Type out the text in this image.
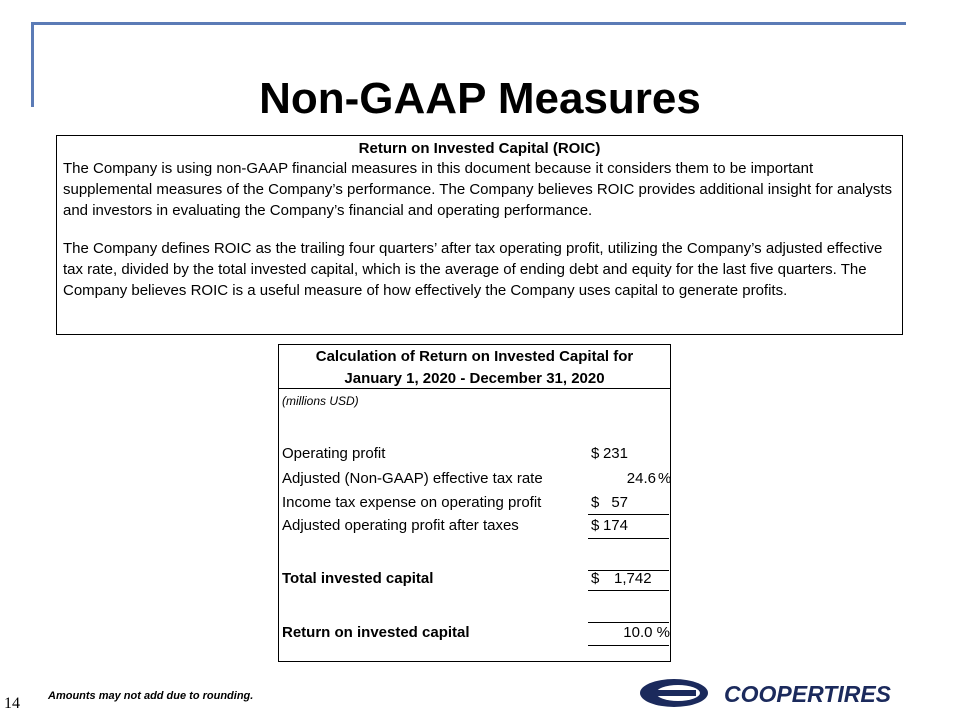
Non-GAAP Measures
Return on Invested Capital (ROIC)

The Company is using non-GAAP financial measures in this document because it considers them to be important supplemental measures of the Company’s performance. The Company believes ROIC provides additional insight for analysts and investors in evaluating the Company’s financial and operating performance.

The Company defines ROIC as the trailing four quarters’ after tax operating profit, utilizing the Company’s adjusted effective tax rate, divided by the total invested capital, which is the average of ending debt and equity for the last five quarters. The Company believes ROIC is a useful measure of how effectively the Company uses capital to generate profits.

Calculation of Return on Invested Capital for
January 1, 2020 - December 31, 2020
(millions USD)
Operating profit	$ 231
Adjusted (Non-GAAP) effective tax rate	24.6 %
Income tax expense on operating profit	$ 57
Adjusted operating profit after taxes	$ 174
Total invested capital	$ 1,742
Return on invested capital	10.0 %
Amounts may not add due to rounding.
14	COOPERTIRES
